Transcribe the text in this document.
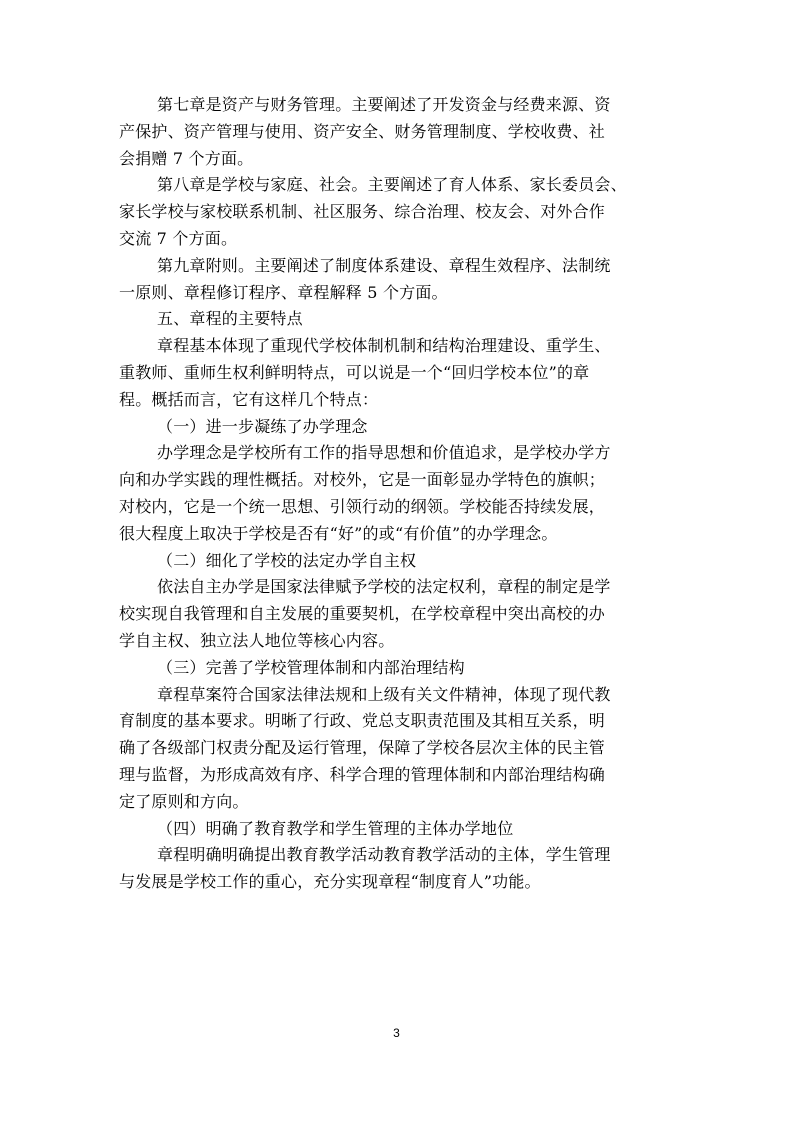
第七章是资产与财务管理。主要阐述了开发资金与经费来源、资
产保护、资产管理与使用、资产安全、财务管理制度、学校收费、社
会捐赠 7 个方面。
第八章是学校与家庭、社会。主要阐述了育人体系、家长委员会、
家长学校与家校联系机制、社区服务、综合治理、校友会、对外合作
交流 7 个方面。
第九章附则。主要阐述了制度体系建设、章程生效程序、法制统
一原则、章程修订程序、章程解释 5 个方面。
五、章程的主要特点
章程基本体现了重现代学校体制机制和结构治理建设、重学生、
重教师、重师生权利鲜明特点，可以说是一个“回归学校本位”的章
程。概括而言，它有这样几个特点：
（一）进一步凝练了办学理念
办学理念是学校所有工作的指导思想和价值追求，是学校办学方
向和办学实践的理性概括。对校外，它是一面彰显办学特色的旗帜；
对校内，它是一个统一思想、引领行动的纲领。学校能否持续发展，
很大程度上取决于学校是否有“好”的或“有价值”的办学理念。
（二）细化了学校的法定办学自主权
依法自主办学是国家法律赋予学校的法定权利，章程的制定是学
校实现自我管理和自主发展的重要契机，在学校章程中突出高校的办
学自主权、独立法人地位等核心内容。
（三）完善了学校管理体制和内部治理结构
章程草案符合国家法律法规和上级有关文件精神，体现了现代教
育制度的基本要求。明晰了行政、党总支职责范围及其相互关系，明
确了各级部门权责分配及运行管理，保障了学校各层次主体的民主管
理与监督，为形成高效有序、科学合理的管理体制和内部治理结构确
定了原则和方向。
（四）明确了教育教学和学生管理的主体办学地位
章程明确明确提出教育教学活动教育教学活动的主体，学生管理
与发展是学校工作的重心，充分实现章程“制度育人”功能。
3
